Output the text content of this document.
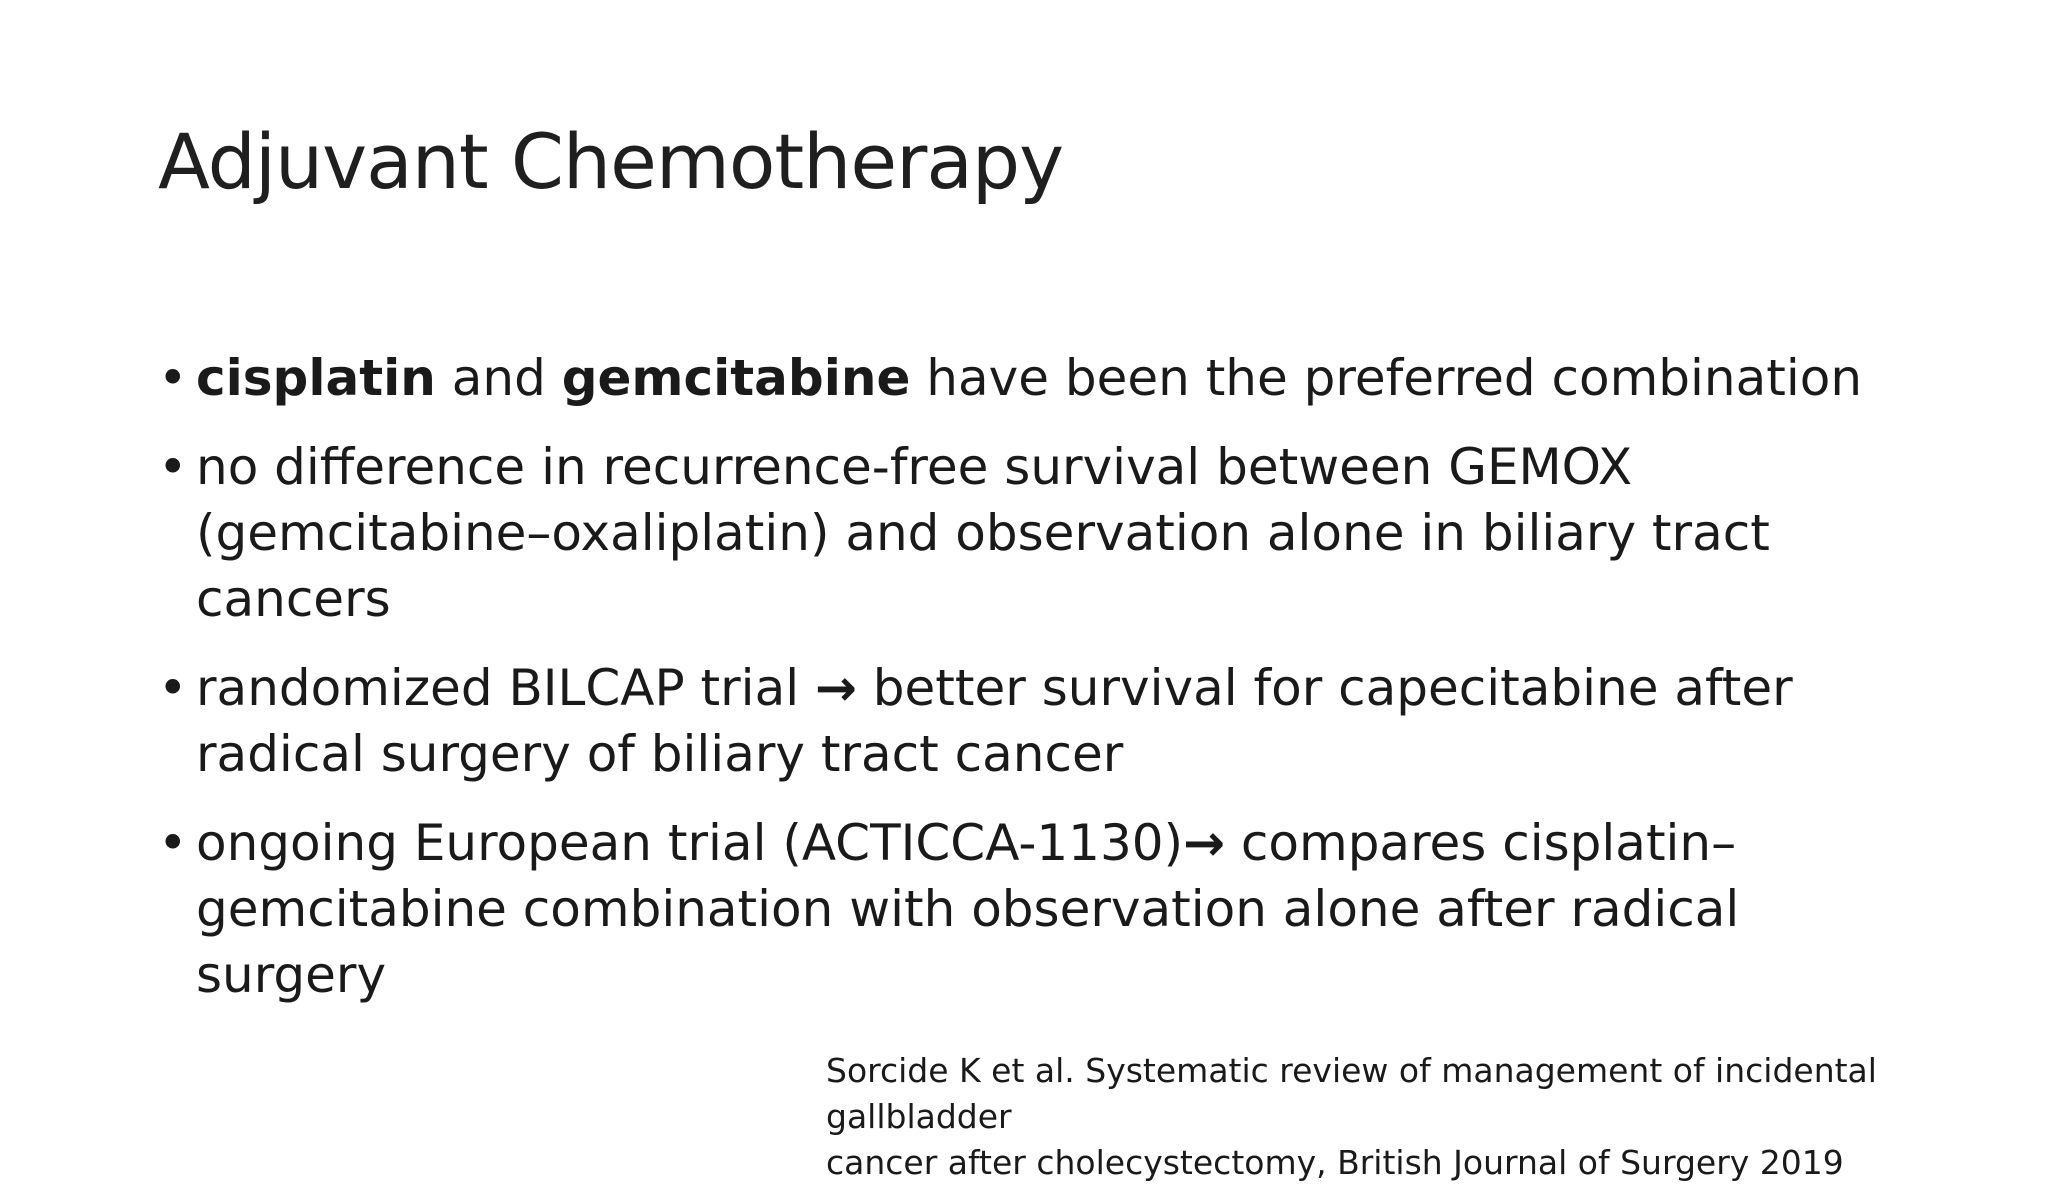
Adjuvant Chemotherapy
• cisplatin and gemcitabine have been the preferred combination
• no difference in recurrence-free survival between GEMOX (gemcitabine–oxaliplatin) and observation alone in biliary tract cancers
• randomized BILCAP trial → better survival for capecitabine after radical surgery of biliary tract cancer
• ongoing European trial (ACTICCA-1130)→ compares cisplatin–gemcitabine combination with observation alone after radical surgery
Sorcide K et al. Systematic review of management of incidental gallbladder
cancer after cholecystectomy, British Journal of Surgery 2019
